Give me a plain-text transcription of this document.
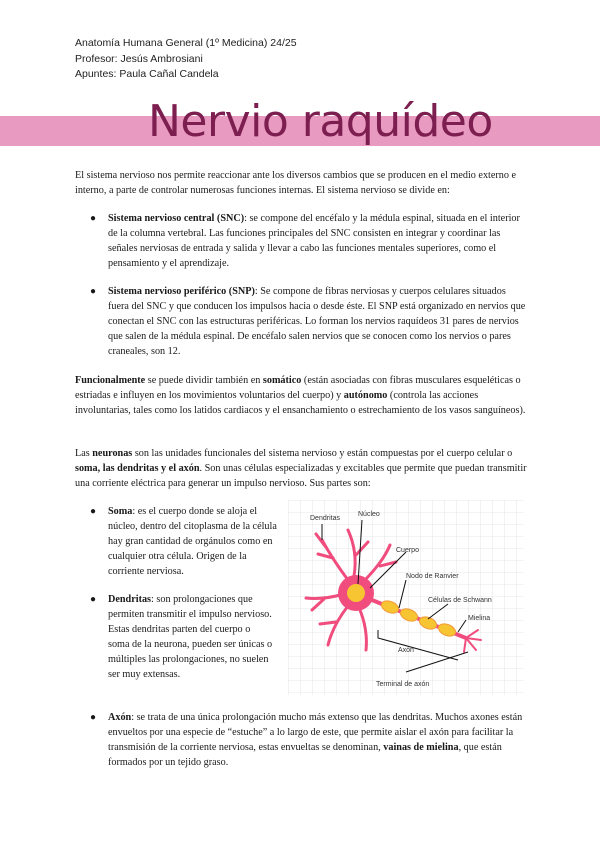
Anatomía Humana General (1º Medicina) 24/25
Profesor: Jesús Ambrosiani
Apuntes: Paula Cañal Candela
Nervio raquídeo

El sistema nervioso nos permite reaccionar ante los diversos cambios que se producen en el medio externo e interno, a parte de controlar numerosas funciones internas. El sistema nervioso se divide en:

● Sistema nervioso central (SNC): se compone del encéfalo y la médula espinal, situada en el interior de la columna vertebral. Las funciones principales del SNC consisten en integrar y coordinar las señales nerviosas de entrada y salida y llevar a cabo las funciones mentales superiores, como el pensamiento y el aprendizaje.
● Sistema nervioso periférico (SNP): Se compone de fibras nerviosas y cuerpos celulares situados fuera del SNC y que conducen los impulsos hacia o desde éste. El SNP está organizado en nervios que conectan el SNC con las estructuras periféricas. Lo forman los nervios raquídeos 31 pares de nervios que salen de la médula espinal. De encéfalo salen nervios que se conocen como los nervios o pares craneales, son 12.

Funcionalmente se puede dividir también en somático (están asociadas con fibras musculares esqueléticas o estriadas e influyen en los movimientos voluntarios del cuerpo) y autónomo (controla las acciones involuntarias, tales como los latidos cardiacos y el ensanchamiento o estrechamiento de los vasos sanguíneos).

Las neuronas son las unidades funcionales del sistema nervioso y están compuestas por el cuerpo celular o soma, las dendritas y el axón. Son unas células especializadas y excitables que permite que puedan transmitir una corriente eléctrica para generar un impulso nervioso. Sus partes son:

● Soma: es el cuerpo donde se aloja el núcleo, dentro del citoplasma de la célula hay gran cantidad de orgánulos como en cualquier otra célula. Origen de la corriente nerviosa.
● Dendritas: son prolongaciones que permiten transmitir el impulso nervioso. Estas dendritas parten del cuerpo o soma de la neurona, pueden ser únicas o múltiples las prolongaciones, no suelen ser muy extensas.
● Axón: se trata de una única prolongación mucho más extenso que las dendritas. Muchos axones están envueltos por una especie de “estuche” a lo largo de este, que permite aislar el axón para facilitar la transmisión de la corriente nerviosa, estas envueltas se denominan, vainas de mielina, que están formados por un tejido graso.
Dendritas
Núcleo
Cuerpo
Nodo de Ranvier
Células de Schwann
Mielina
Axón
Terminal de axón
